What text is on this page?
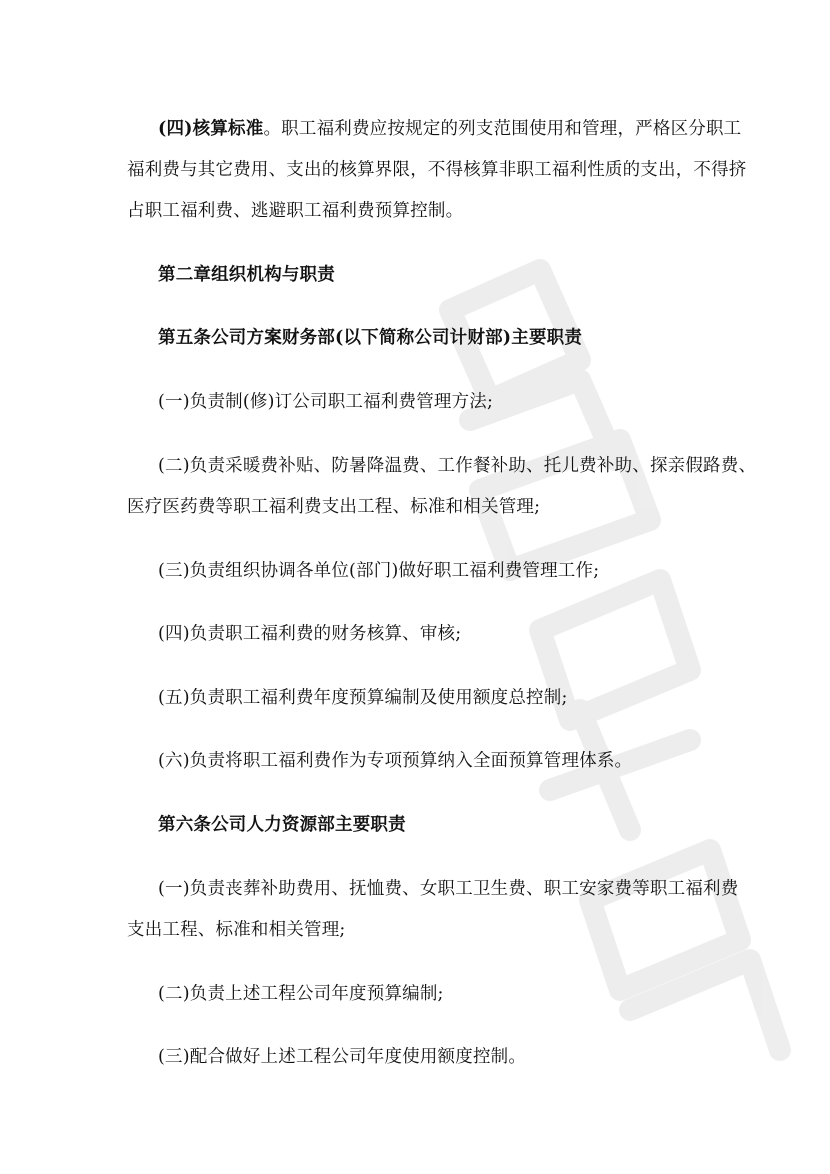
(四)核算标准。职工福利费应按规定的列支范围使用和管理，严格区分职工
福利费与其它费用、支出的核算界限，不得核算非职工福利性质的支出，不得挤
占职工福利费、逃避职工福利费预算控制。
第二章组织机构与职责
第五条公司方案财务部(以下简称公司计财部)主要职责
(一)负责制(修)订公司职工福利费管理方法;
(二)负责采暖费补贴、防暑降温费、工作餐补助、托儿费补助、探亲假路费、
医疗医药费等职工福利费支出工程、标准和相关管理;
(三)负责组织协调各单位(部门)做好职工福利费管理工作;
(四)负责职工福利费的财务核算、审核;
(五)负责职工福利费年度预算编制及使用额度总控制;
(六)负责将职工福利费作为专项预算纳入全面预算管理体系。
第六条公司人力资源部主要职责
(一)负责丧葬补助费用、抚恤费、女职工卫生费、职工安家费等职工福利费
支出工程、标准和相关管理;
(二)负责上述工程公司年度预算编制;
(三)配合做好上述工程公司年度使用额度控制。
